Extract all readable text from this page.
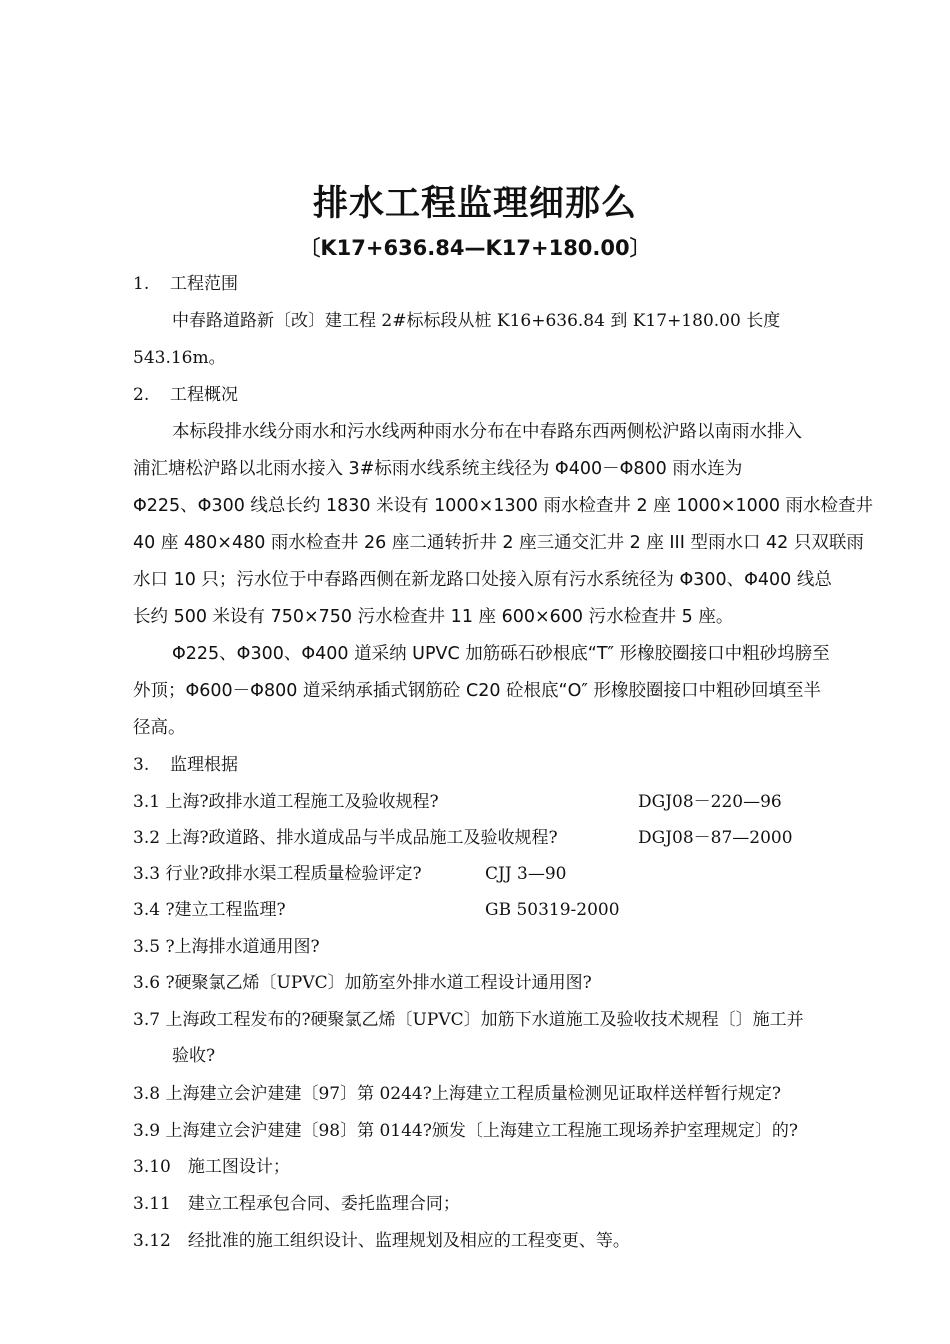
排水工程监理细那么
〔K17+636.84—K17+180.00〕
1. 工程范围
中春路道路新〔改〕建工程 2#标标段从桩 K16+636.84 到 K17+180.00 长度
543.16m。
2. 工程概况
本标段排水线分雨水和污水线两种雨水分布在中春路东西两侧松沪路以南雨水排入
浦汇塘松沪路以北雨水接入 3#标雨水线系统主线径为 Φ400－Φ800 雨水连为
Φ225、Φ300 线总长约 1830 米设有 1000×1300 雨水检查井 2 座 1000×1000 雨水检查井
40 座 480×480 雨水检查井 26 座二通转折井 2 座三通交汇井 2 座 III 型雨水口 42 只双联雨
水口 10 只；污水位于中春路西侧在新龙路口处接入原有污水系统径为 Φ300、Φ400 线总
长约 500 米设有 750×750 污水检查井 11 座 600×600 污水检查井 5 座。
Φ225、Φ300、Φ400 道采纳 UPVC 加筋砾石砂根底“T″ 形橡胶圈接口中粗砂坞膀至
外顶；Φ600－Φ800 道采纳承插式钢筋砼 C20 砼根底“O″ 形橡胶圈接口中粗砂回填至半
径高。
3. 监理根据
3.1 上海?政排水道工程施工及验收规程?	DGJ08－220—96
3.2 上海?政道路、排水道成品与半成品施工及验收规程?	DGJ08－87—2000
3.3 行业?政排水渠工程质量检验评定?	CJJ 3—90
3.4 ?建立工程监理?	GB 50319-2000
3.5 ?上海排水道通用图?
3.6 ?硬聚氯乙烯〔UPVC〕加筋室外排水道工程设计通用图?
3.7 上海政工程发布的?硬聚氯乙烯〔UPVC〕加筋下水道施工及验收技术规程〔〕施工并
验收?
3.8 上海建立会沪建建〔97〕第 0244?上海建立工程质量检测见证取样送样暂行规定?
3.9 上海建立会沪建建〔98〕第 0144?颁发〔上海建立工程施工现场养护室理规定〕的?
3.10　施工图设计；
3.11　建立工程承包合同、委托监理合同；
3.12　经批准的施工组织设计、监理规划及相应的工程变更、等。
